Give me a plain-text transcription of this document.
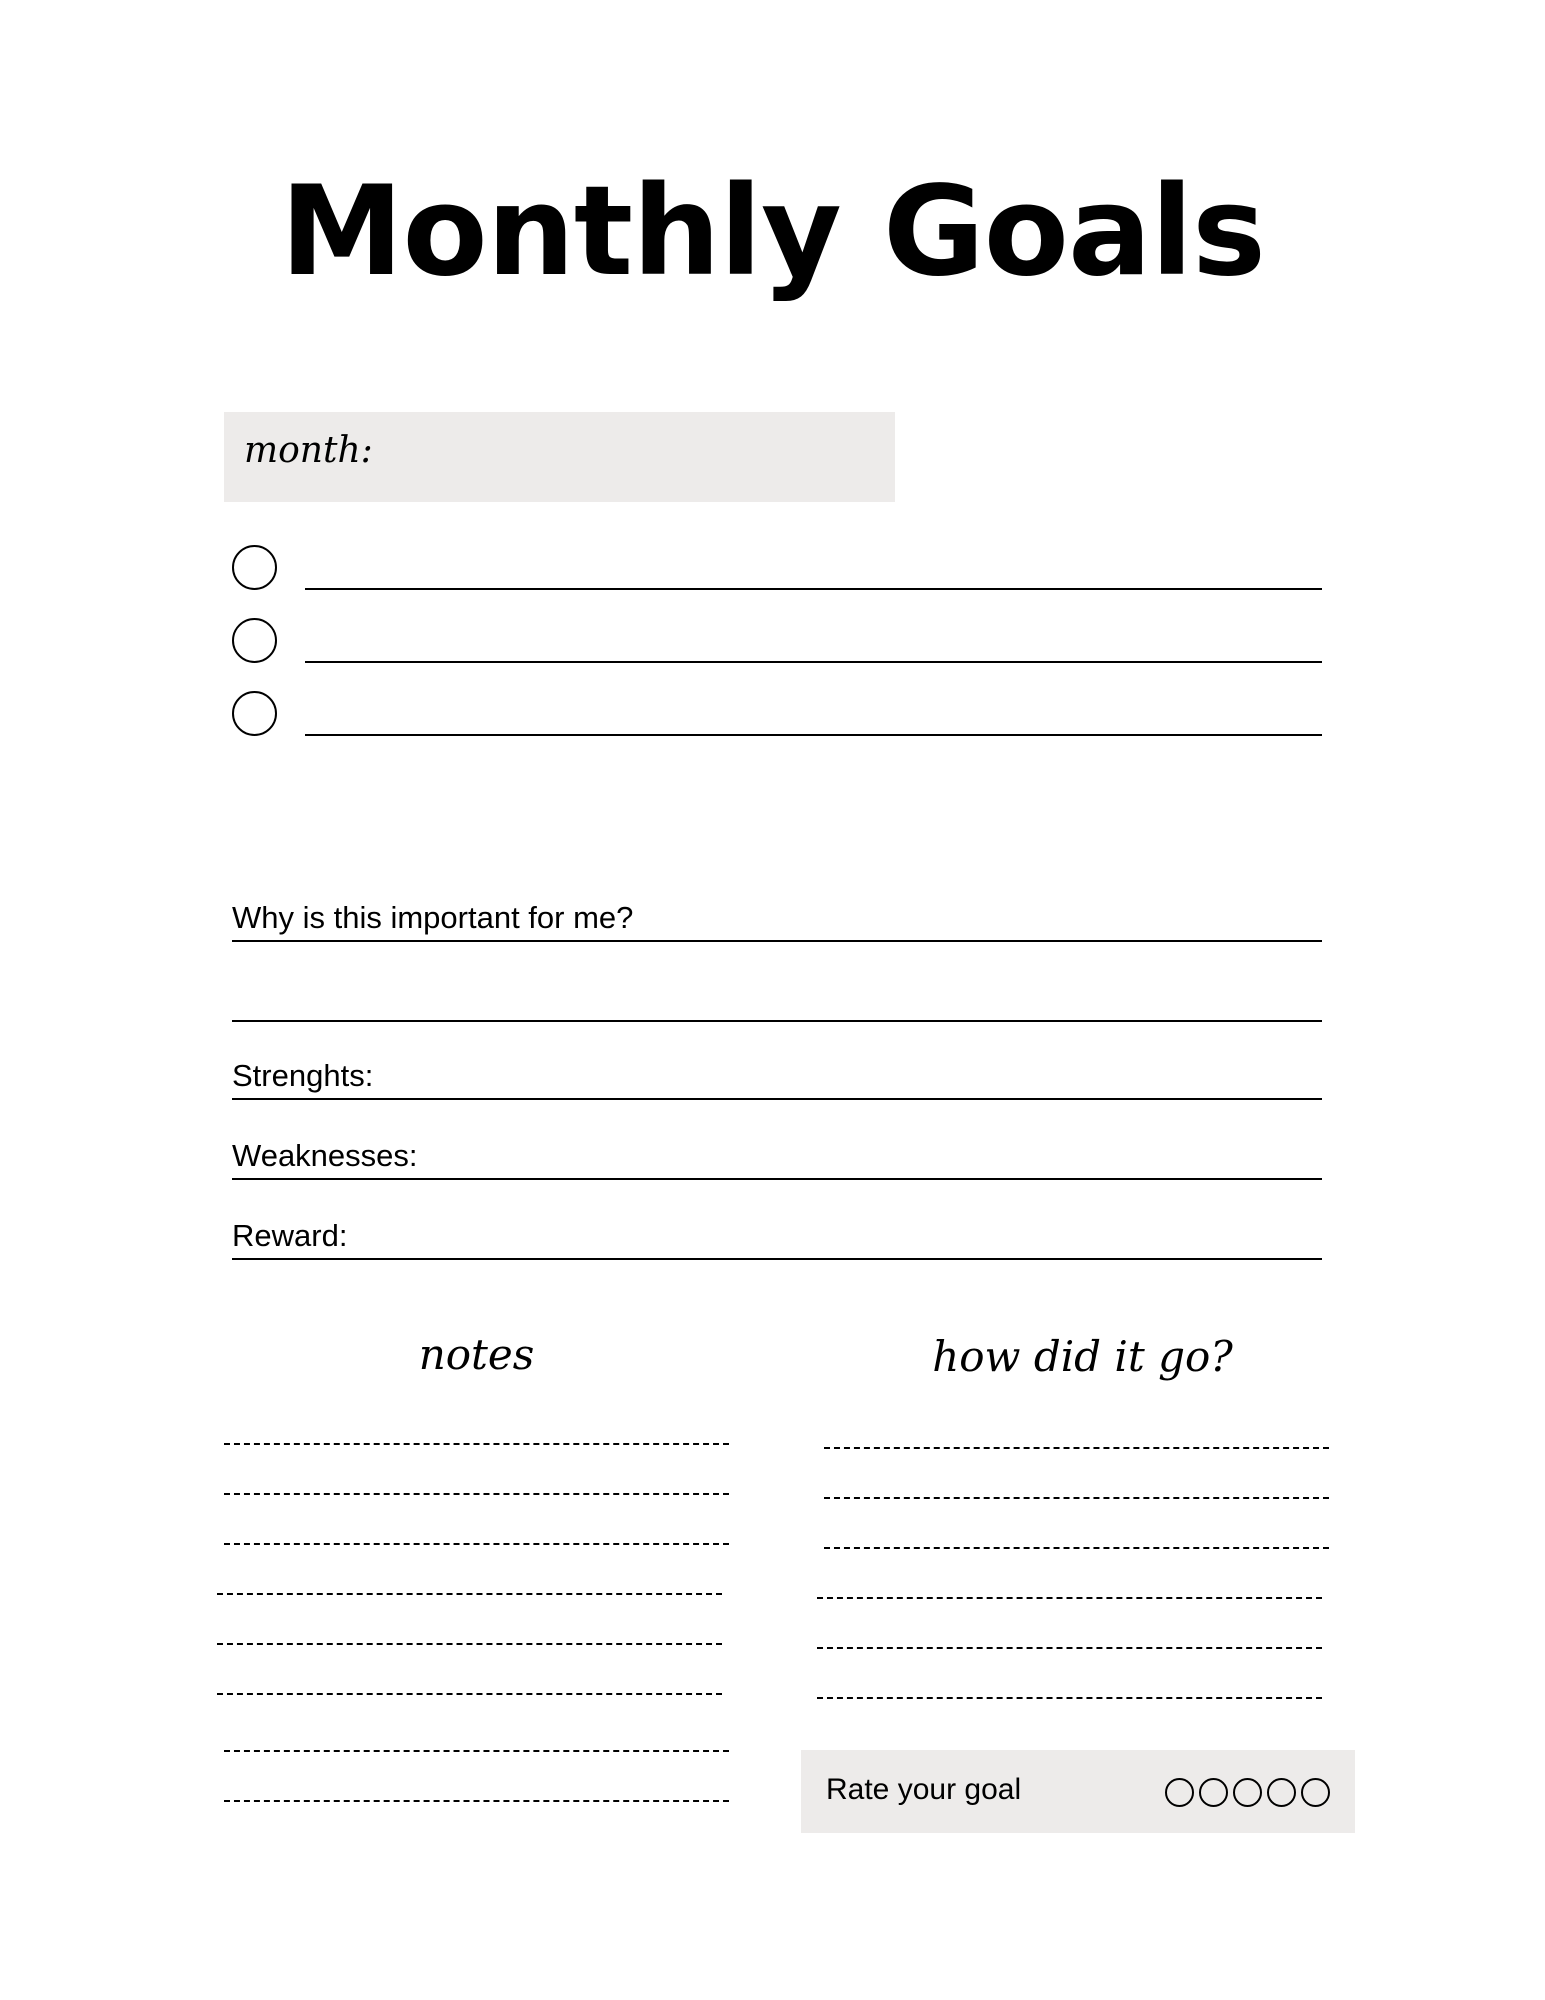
Monthly Goals
month:
Why is this important for me?
Strenghts:
Weaknesses:
Reward:
notes	how did it go?
Rate your goal
